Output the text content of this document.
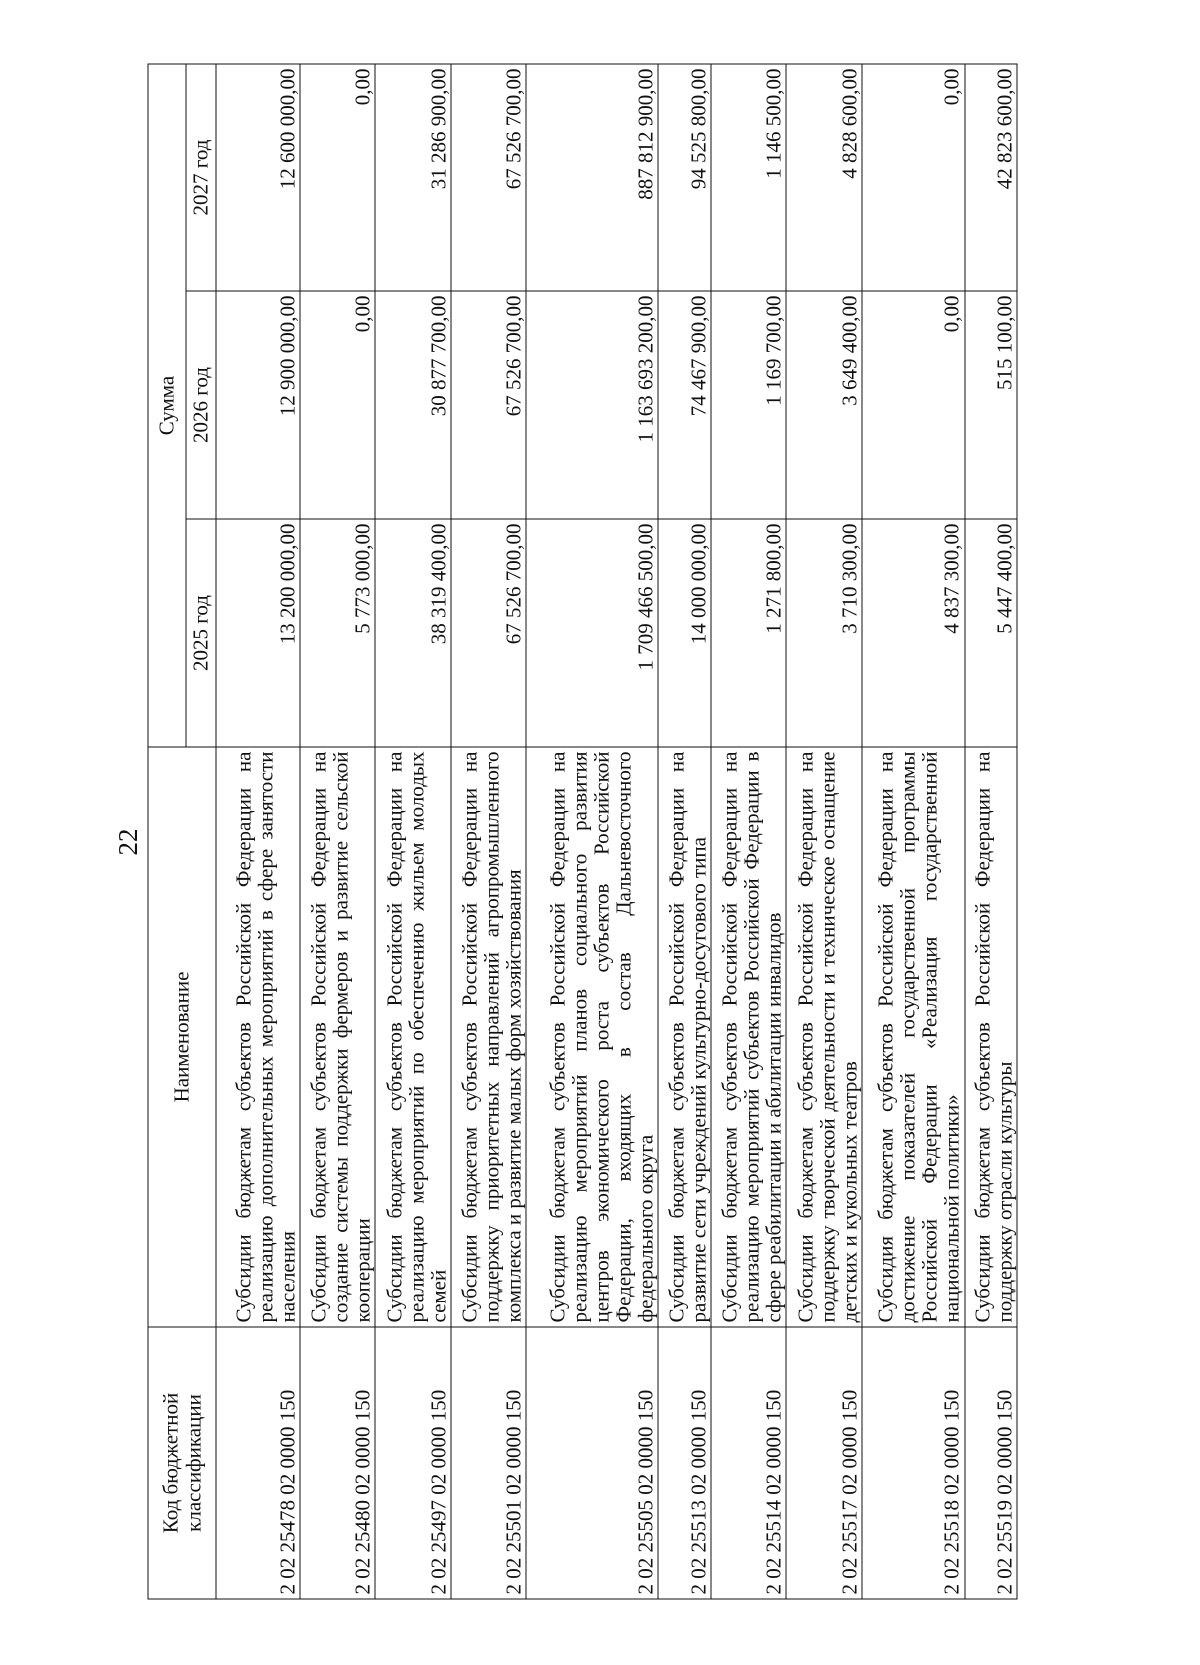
22
Код бюджетной классификации	Наименование	Сумма		
		2025 год	2026 год	2027 год
2 02 25478 02 0000 150	Субсидии бюджетам субъектов Российской Федерации на реализацию дополнительных мероприятий в сфере занятости населения	13 200 000,00	12 900 000,00	12 600 000,00
2 02 25480 02 0000 150	Субсидии бюджетам субъектов Российской Федерации на создание системы поддержки фермеров и развитие сельской кооперации	5 773 000,00	0,00	0,00
2 02 25497 02 0000 150	Субсидии бюджетам субъектов Российской Федерации на реализацию мероприятий по обеспечению жильем молодых семей	38 319 400,00	30 877 700,00	31 286 900,00
2 02 25501 02 0000 150	Субсидии бюджетам субъектов Российской Федерации на поддержку приоритетных направлений агропромышленного комплекса и развитие малых форм хозяйствования	67 526 700,00	67 526 700,00	67 526 700,00
2 02 25505 02 0000 150	Субсидии бюджетам субъектов Российской Федерации на реализацию мероприятий планов социального развития центров экономического роста субъектов Российской Федерации, входящих в состав Дальневосточного федерального округа	1 709 466 500,00	1 163 693 200,00	887 812 900,00
2 02 25513 02 0000 150	Субсидии бюджетам субъектов Российской Федерации на развитие сети учреждений культурно-досугового типа	14 000 000,00	74 467 900,00	94 525 800,00
2 02 25514 02 0000 150	Субсидии бюджетам субъектов Российской Федерации на реализацию мероприятий субъектов Российской Федерации в сфере реабилитации и абилитации инвалидов	1 271 800,00	1 169 700,00	1 146 500,00
2 02 25517 02 0000 150	Субсидии бюджетам субъектов Российской Федерации на поддержку творческой деятельности и техническое оснащение детских и кукольных театров	3 710 300,00	3 649 400,00	4 828 600,00
2 02 25518 02 0000 150	Субсидия бюджетам субъектов Российской Федерации на достижение показателей государственной программы Российской Федерации «Реализация государственной национальной политики»	4 837 300,00	0,00	0,00
2 02 25519 02 0000 150	Субсидии бюджетам субъектов Российской Федерации на поддержку отрасли культуры	5 447 400,00	515 100,00	42 823 600,00
